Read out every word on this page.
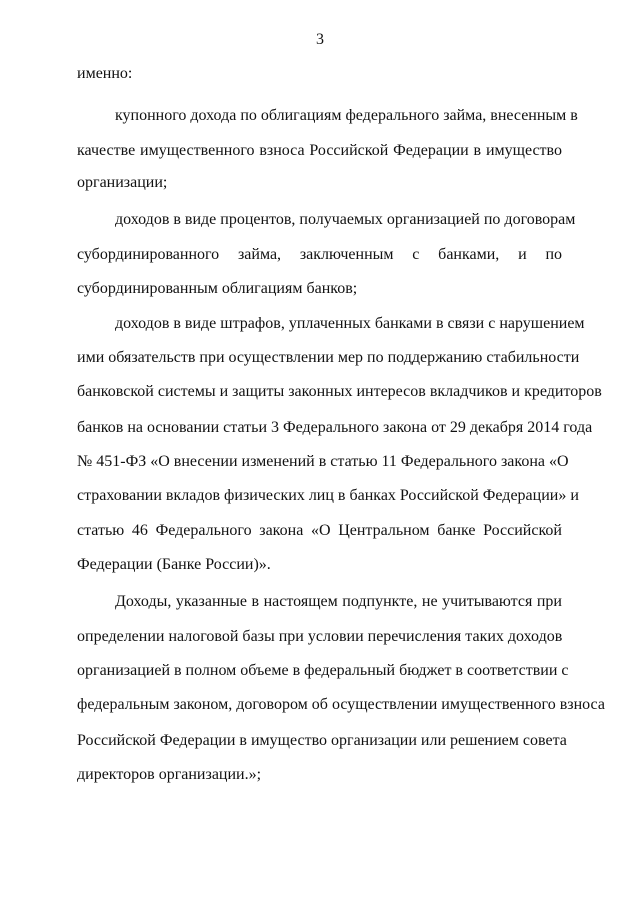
3
именно:
купонного дохода по облигациям федерального займа, внесенным в
качестве имущественного взноса Российской Федерации в имущество
организации;
доходов в виде процентов, получаемых организацией по договорам
субординированного займа, заключенным с банками, и по
субординированным облигациям банков;
доходов в виде штрафов, уплаченных банками в связи с нарушением
ими обязательств при осуществлении мер по поддержанию стабильности
банковской системы и защиты законных интересов вкладчиков и кредиторов
банков на основании статьи 3 Федерального закона от 29 декабря 2014 года
№ 451-ФЗ «О внесении изменений в статью 11 Федерального закона «О
страховании вкладов физических лиц в банках Российской Федерации» и
статью 46 Федерального закона «О Центральном банке Российской
Федерации (Банке России)».
Доходы, указанные в настоящем подпункте, не учитываются при
определении налоговой базы при условии перечисления таких доходов
организацией в полном объеме в федеральный бюджет в соответствии с
федеральным законом, договором об осуществлении имущественного взноса
Российской Федерации в имущество организации или решением совета
директоров организации.»;
